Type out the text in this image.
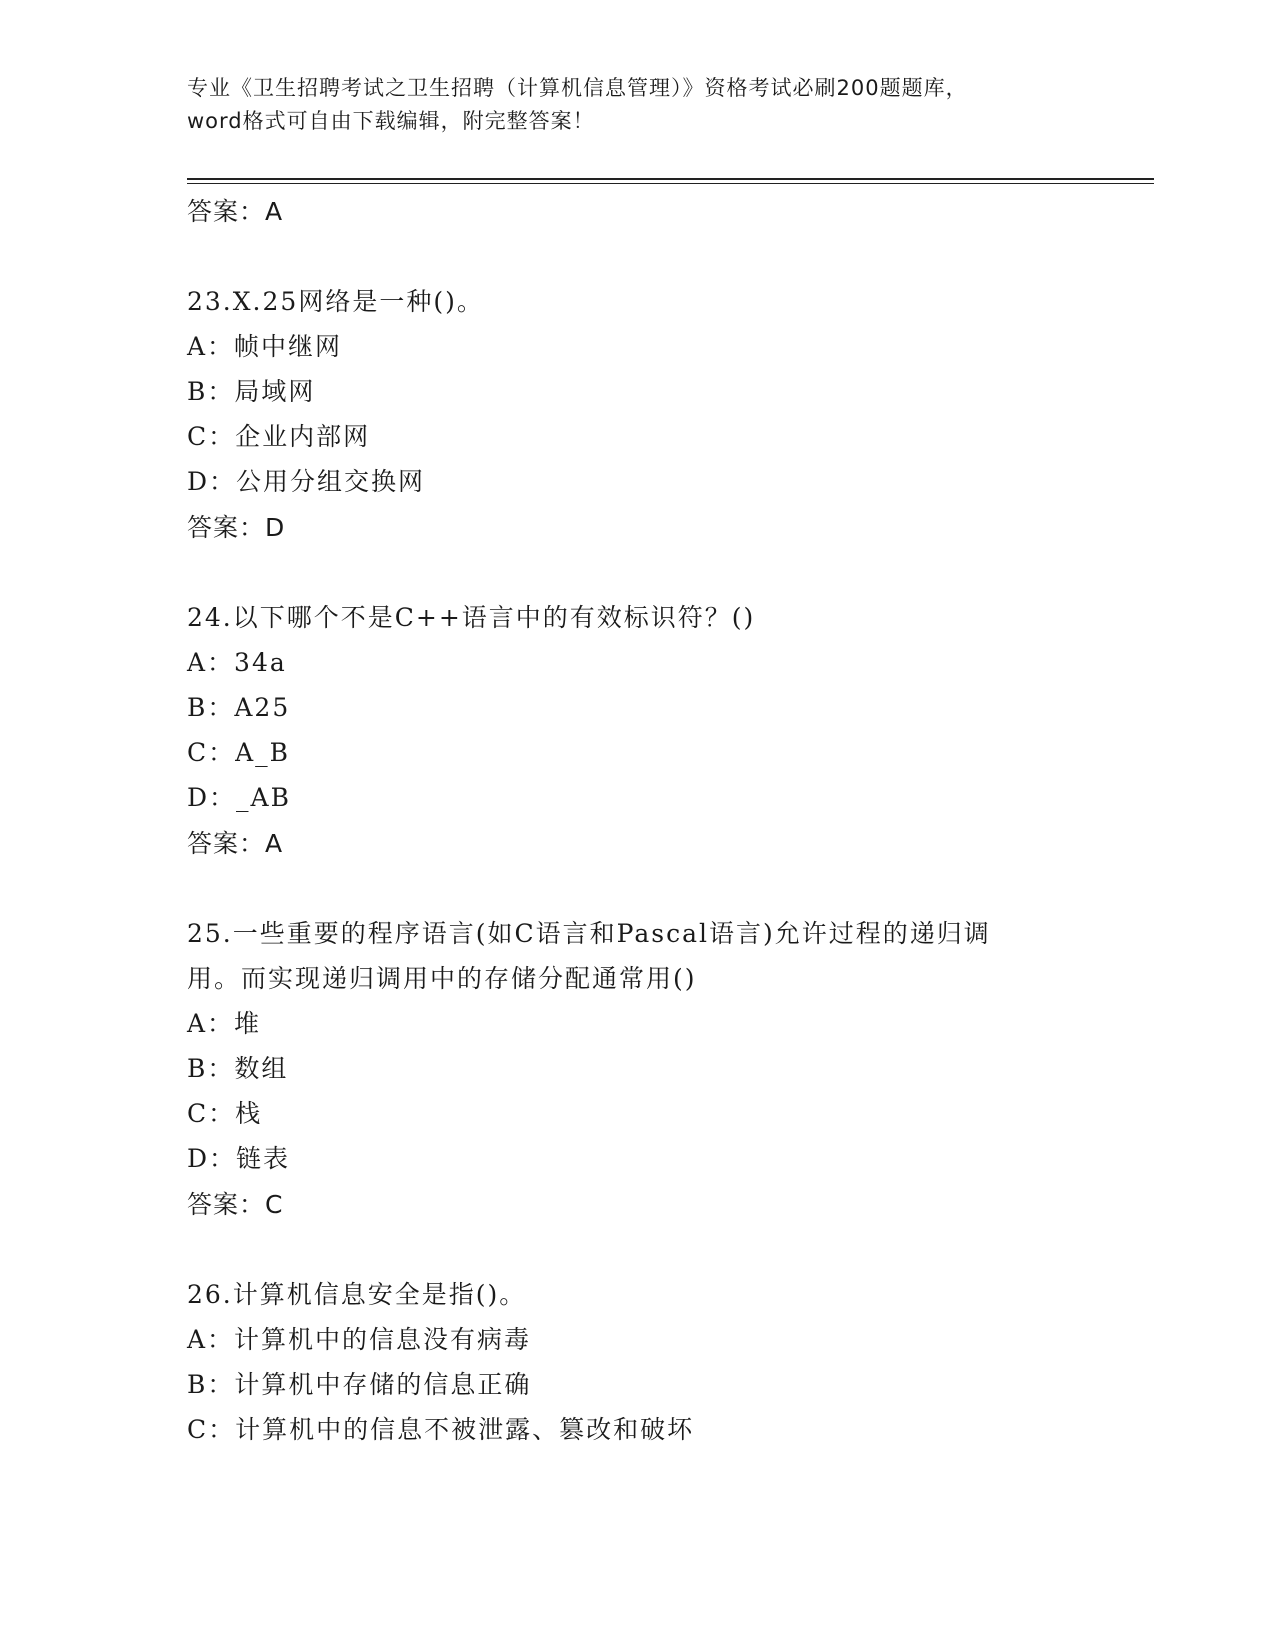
专业《卫生招聘考试之卫生招聘（计算机信息管理）》资格考试必刷200题题库，
word格式可自由下载编辑，附完整答案！
答案：A
23.X.25网络是一种()。
A：帧中继网
B：局域网
C：企业内部网
D：公用分组交换网
答案：D
24.以下哪个不是C++语言中的有效标识符？()
A：34a
B：A25
C：A_B
D：_AB
答案：A
25.一些重要的程序语言(如C语言和Pascal语言)允许过程的递归调
用。而实现递归调用中的存储分配通常用()
A：堆
B：数组
C：栈
D：链表
答案：C
26.计算机信息安全是指()。
A：计算机中的信息没有病毒
B：计算机中存储的信息正确
C：计算机中的信息不被泄露、篡改和破坏
